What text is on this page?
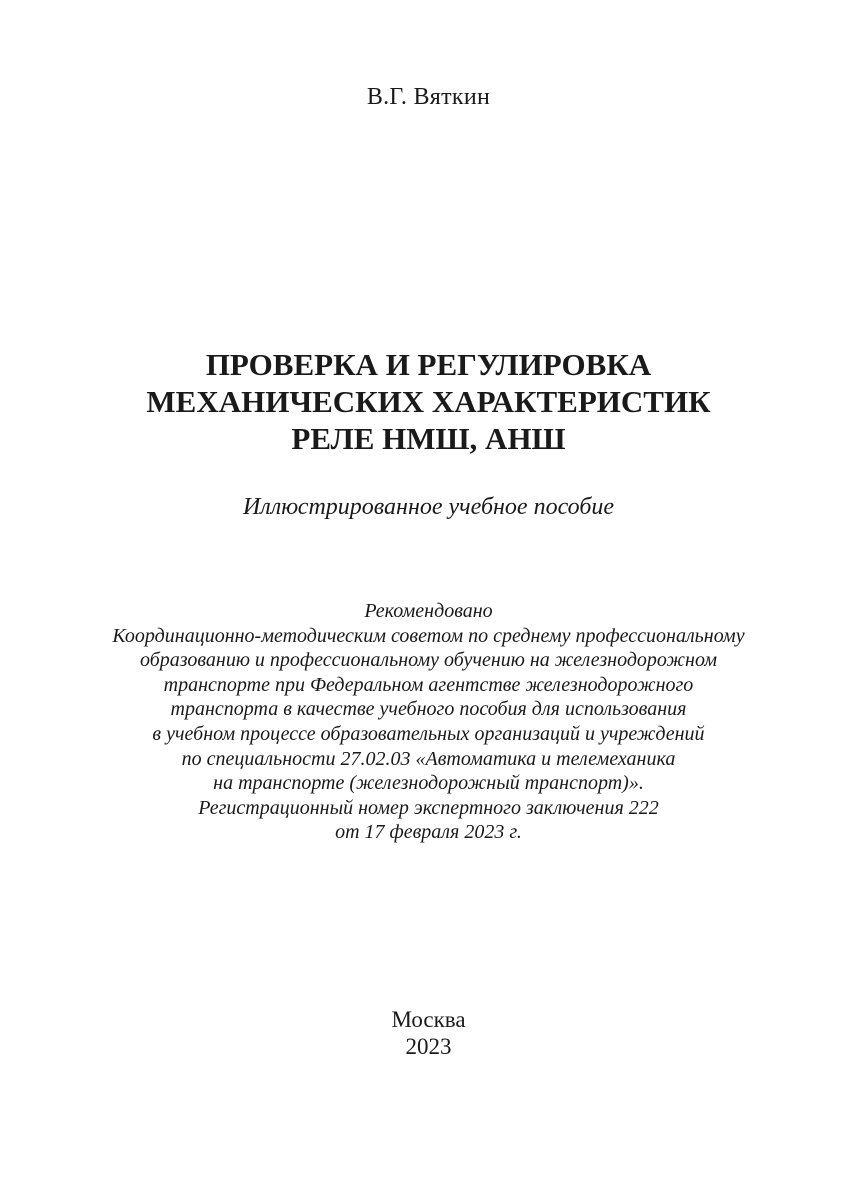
В.Г. Вяткин
ПРОВЕРКА И РЕГУЛИРОВКА
МЕХАНИЧЕСКИХ ХАРАКТЕРИСТИК
РЕЛЕ НМШ, АНШ
Иллюстрированное учебное пособие
Рекомендовано
Координационно-методическим советом по среднему профессиональному
образованию и профессиональному обучению на железнодорожном
транспорте при Федеральном агентстве железнодорожного
транспорта в качестве учебного пособия для использования
в учебном процессе образовательных организаций и учреждений
по специальности 27.02.03 «Автоматика и телемеханика
на транспорте (железнодорожный транспорт)».
Регистрационный номер экспертного заключения 222
от 17 февраля 2023 г.
Москва
2023
